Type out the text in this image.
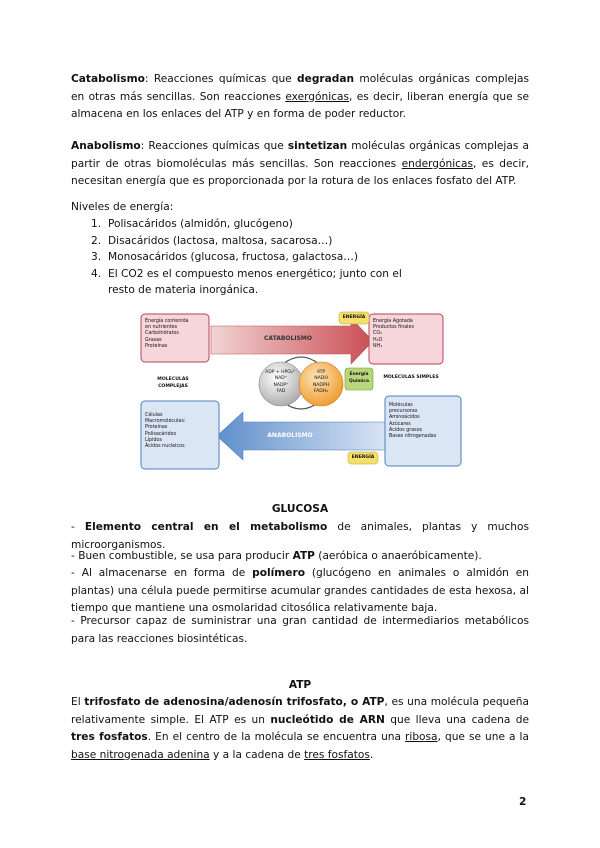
Catabolismo: Reacciones químicas que degradan moléculas orgánicas complejas en otras más sencillas. Son reacciones exergónicas, es decir, liberan energía que se almacena en los enlaces del ATP y en forma de poder reductor.

Anabolismo: Reacciones químicas que sintetizan moléculas orgánicas complejas a partir de otras biomoléculas más sencillas. Son reacciones endergónicas, es decir, necesitan energía que es proporcionada por la rotura de los enlaces fosfato del ATP.

Niveles de energía:

1. Polisacáridos (almidón, glucógeno)
2. Disacáridos (lactosa, maltosa, sacarosa…)
3. Monosacáridos (glucosa, fructosa, galactosa…)
4. El CO2 es el compuesto menos energético; junto con el resto de materia inorgánica.
Energía contenida
en nutrientes
Carbohidratos
Grasas
Proteínas
Energía Agotada
Productos finales
CO₂
H₂O
NH₃
Células
Macromoléculas:
Proteínas
Polisacáridos
Lípidos
Ácidos nucleicos
Moléculas
precursoras
Aminoácidos
Azúcares
Ácidos grasos
Bases nitrogenadas
CATABOLISMO
ANABOLISMO
ENERGÍA
ENERGÍA
MOLECULAS COMPLEJAS
MOLECULAS SIMPLES
ADP + HPO₄²⁻
NAD⁺
NADP⁺
FAD
ATP
NADH
NADPH
FADH₂
Energía Química
GLUCOSA

- Elemento central en el metabolismo de animales, plantas y muchos microorganismos.

- Buen combustible, se usa para producir ATP (aeróbica o anaeróbicamente).

- Al almacenarse en forma de polímero (glucógeno en animales o almidón en plantas) una célula puede permitirse acumular grandes cantidades de esta hexosa, al tiempo que mantiene una osmolaridad citosólica relativamente baja.

- Precursor capaz de suministrar una gran cantidad de intermediarios metabólicos para las reacciones biosintéticas.

ATP

El trifosfato de adenosina/adenosín trifosfato, o ATP, es una molécula pequeña relativamente simple. El ATP es un nucleótido de ARN que lleva una cadena de tres fosfatos. En el centro de la molécula se encuentra una ribosa, que se une a la base nitrogenada adenina y a la cadena de tres fosfatos.

2
